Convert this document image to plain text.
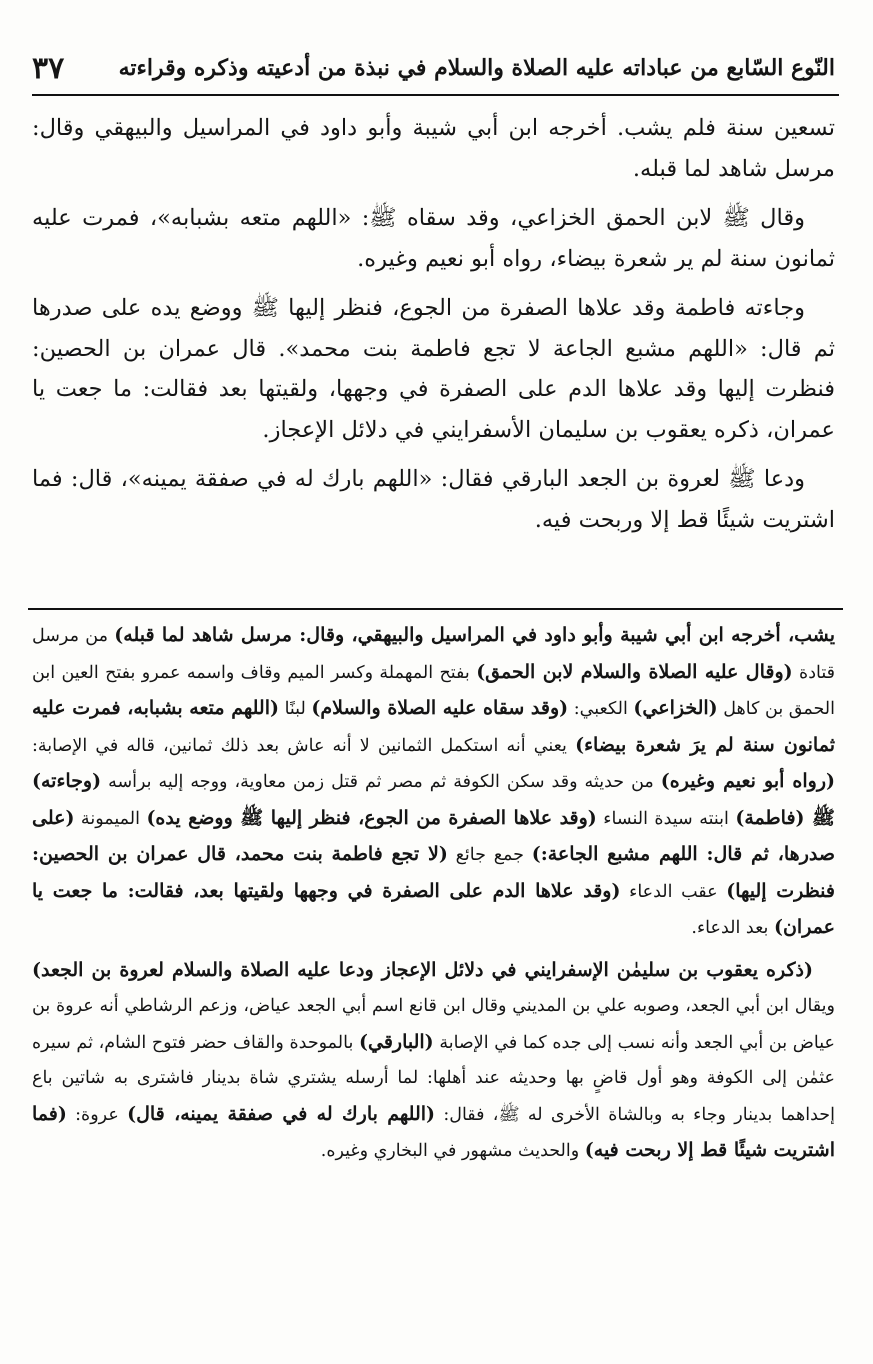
النّوع السّابع من عباداته عليه الصلاة والسلام في نبذة من أدعيته وذكره وقراءته
٣٧

تسعين سنة فلم يشب. أخرجه ابن أبي شيبة وأبو داود في المراسيل والبيهقي وقال: مرسل شاهد لما قبله.

وقال ﷺ لابن الحمق الخزاعي، وقد سقاه ﷺ: «اللهم متعه بشبابه»، فمرت عليه ثمانون سنة لم ير شعرة بيضاء، رواه أبو نعيم وغيره.

وجاءته فاطمة وقد علاها الصفرة من الجوع، فنظر إليها ﷺ ووضع يده على صدرها ثم قال: «اللهم مشبع الجاعة لا تجع فاطمة بنت محمد». قال عمران بن الحصين: فنظرت إليها وقد علاها الدم على الصفرة في وجهها، ولقيتها بعد فقالت: ما جعت يا عمران، ذكره يعقوب بن سليمان الأسفرايني في دلائل الإعجاز.

ودعا ﷺ لعروة بن الجعد البارقي فقال: «اللهم بارك له في صفقة يمينه»، قال: فما اشتريت شيئًا قط إلا وربحت فيه.

يشب، أخرجه ابن أبي شيبة وأبو داود في المراسيل والبيهقي، وقال: مرسل شاهد لما قبله) من مرسل قتادة (وقال عليه الصلاة والسلام لابن الحمق) بفتح المهملة وكسر الميم وقاف واسمه عمرو بفتح العين ابن الحمق بن كاهل (الخزاعي) الكعبي: (وقد سقاه عليه الصلاة والسلام) لبنًا (اللهم متعه بشبابه، فمرت عليه ثمانون سنة لم يرَ شعرة بيضاء) يعني أنه استكمل الثمانين لا أنه عاش بعد ذلك ثمانين، قاله في الإصابة: (رواه أبو نعيم وغيره) من حديثه وقد سكن الكوفة ثم مصر ثم قتل زمن معاوية، ووجه إليه برأسه (وجاءته) ﷺ (فاطمة) ابنته سيدة النساء (وقد علاها الصفرة من الجوع، فنظر إليها ﷺ ووضع يده) الميمونة (على صدرها، ثم قال: اللهم مشبع الجاعة:) جمع جائع (لا تجع فاطمة بنت محمد، قال عمران بن الحصين: فنظرت إليها) عقب الدعاء (وقد علاها الدم على الصفرة في وجهها ولقيتها بعد، فقالت: ما جعت يا عمران) بعد الدعاء.

(ذكره يعقوب بن سليمٰن الإسفرايني في دلائل الإعجاز ودعا عليه الصلاة والسلام لعروة بن الجعد) ويقال ابن أبي الجعد، وصوبه علي بن المديني وقال ابن قانع اسم أبي الجعد عياض، وزعم الرشاطي أنه عروة بن عياض بن أبي الجعد وأنه نسب إلى جده كما في الإصابة (البارقي) بالموحدة والقاف حضر فتوح الشام، ثم سيره عثمٰن إلى الكوفة وهو أول قاضٍ بها وحديثه عند أهلها: لما أرسله يشتري شاة بدينار فاشترى به شاتين باع إحداهما بدينار وجاء به وبالشاة الأخرى له ﷺ، فقال: (اللهم بارك له في صفقة يمينه، قال) عروة: (فما اشتريت شيئًا قط إلا ربحت فيه) والحديث مشهور في البخاري وغيره.
